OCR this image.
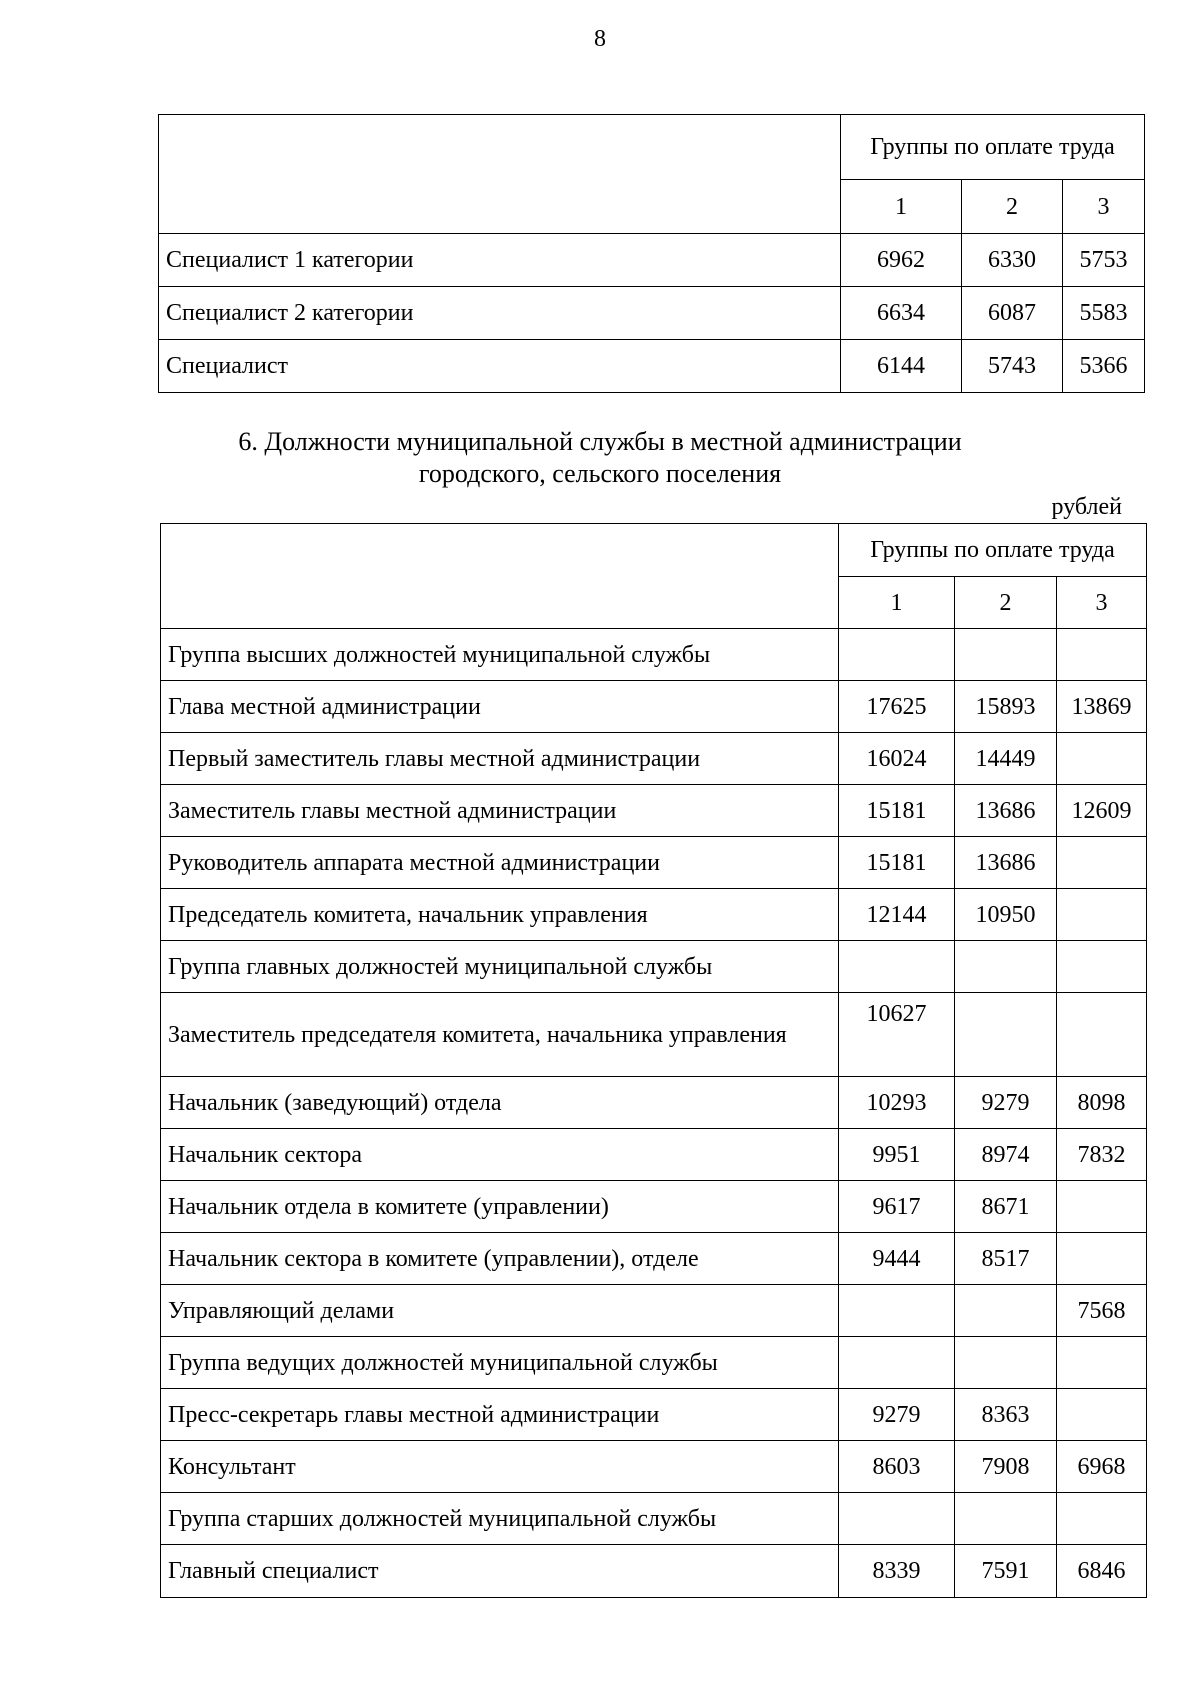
8
	Группы по оплате труда		
	1	2	3
Специалист 1 категории	6962	6330	5753
Специалист 2 категории	6634	6087	5583
Специалист	6144	5743	5366
6. Должности муниципальной службы в местной администрации
городского, сельского поселения
рублей
	Группы по оплате труда		
	1	2	3
Группа высших должностей муниципальной службы			
Глава местной администрации	17625	15893	13869
Первый заместитель главы местной администрации	16024	14449	
Заместитель главы местной администрации	15181	13686	12609
Руководитель аппарата местной администрации	15181	13686	
Председатель комитета, начальник управления	12144	10950	
Группа главных должностей муниципальной службы			
Заместитель председателя комитета, начальника управления	10627		
Начальник (заведующий) отдела	10293	9279	8098
Начальник сектора	9951	8974	7832
Начальник отдела в комитете (управлении)	9617	8671	
Начальник сектора в комитете (управлении), отделе	9444	8517	
Управляющий делами			7568
Группа ведущих должностей муниципальной службы			
Пресс-секретарь главы местной администрации	9279	8363	
Консультант	8603	7908	6968
Группа старших должностей муниципальной службы			
Главный специалист	8339	7591	6846
